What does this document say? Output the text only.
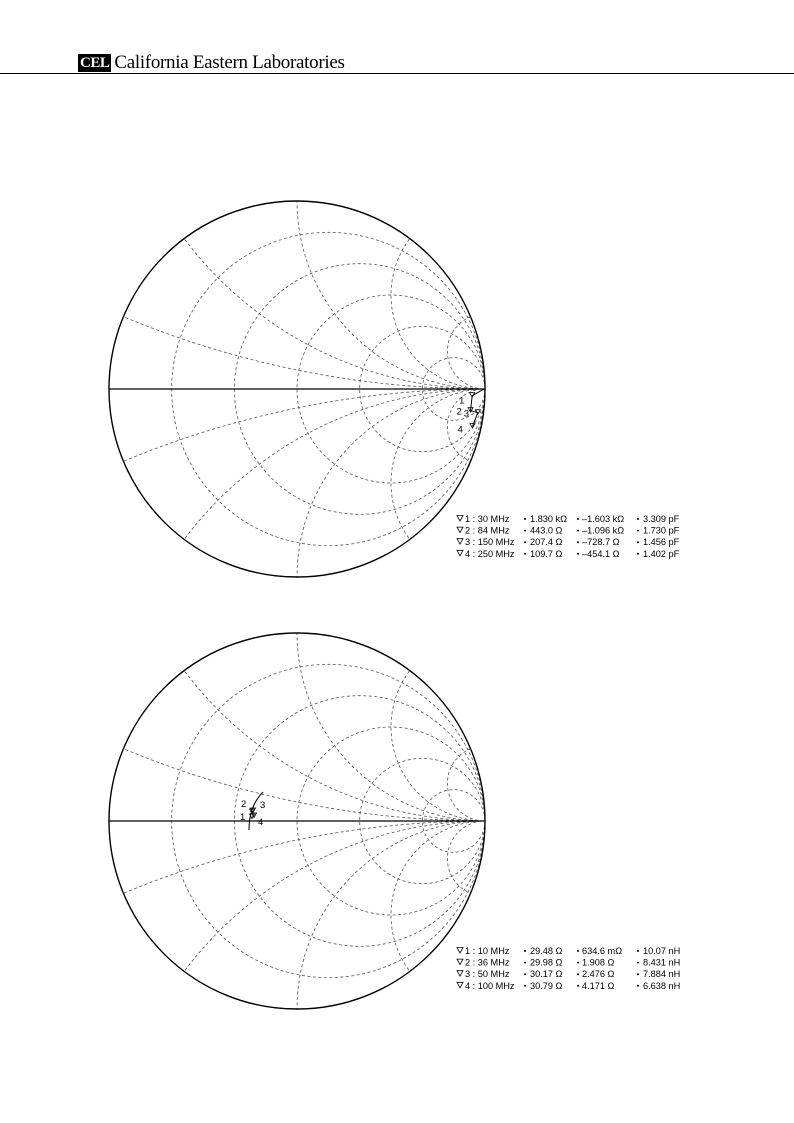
CEL California Eastern Laboratories
1
2 3
4
1 : 30 MHz 1.830 kΩ –1.603 kΩ 3.309 pF
2 : 84 MHz 443.0 Ω –1.096 kΩ 1.730 pF
3 : 150 MHz 207.4 Ω –728.7 Ω	1.456 pF
4 : 250 MHz 109.7 Ω –454.1 Ω	1.402 pF
1
2 3
4
1 : 10 MHz 29.48 Ω 634.6 mΩ 10.07 nH
2 : 36 MHz 29.98 Ω 1.908 Ω	8.431 nH
3 : 50 MHz 30.17 Ω 2.476 Ω	7.884 nH
4 : 100 MHz 30.79 Ω 4.171 Ω	6.638 nH
